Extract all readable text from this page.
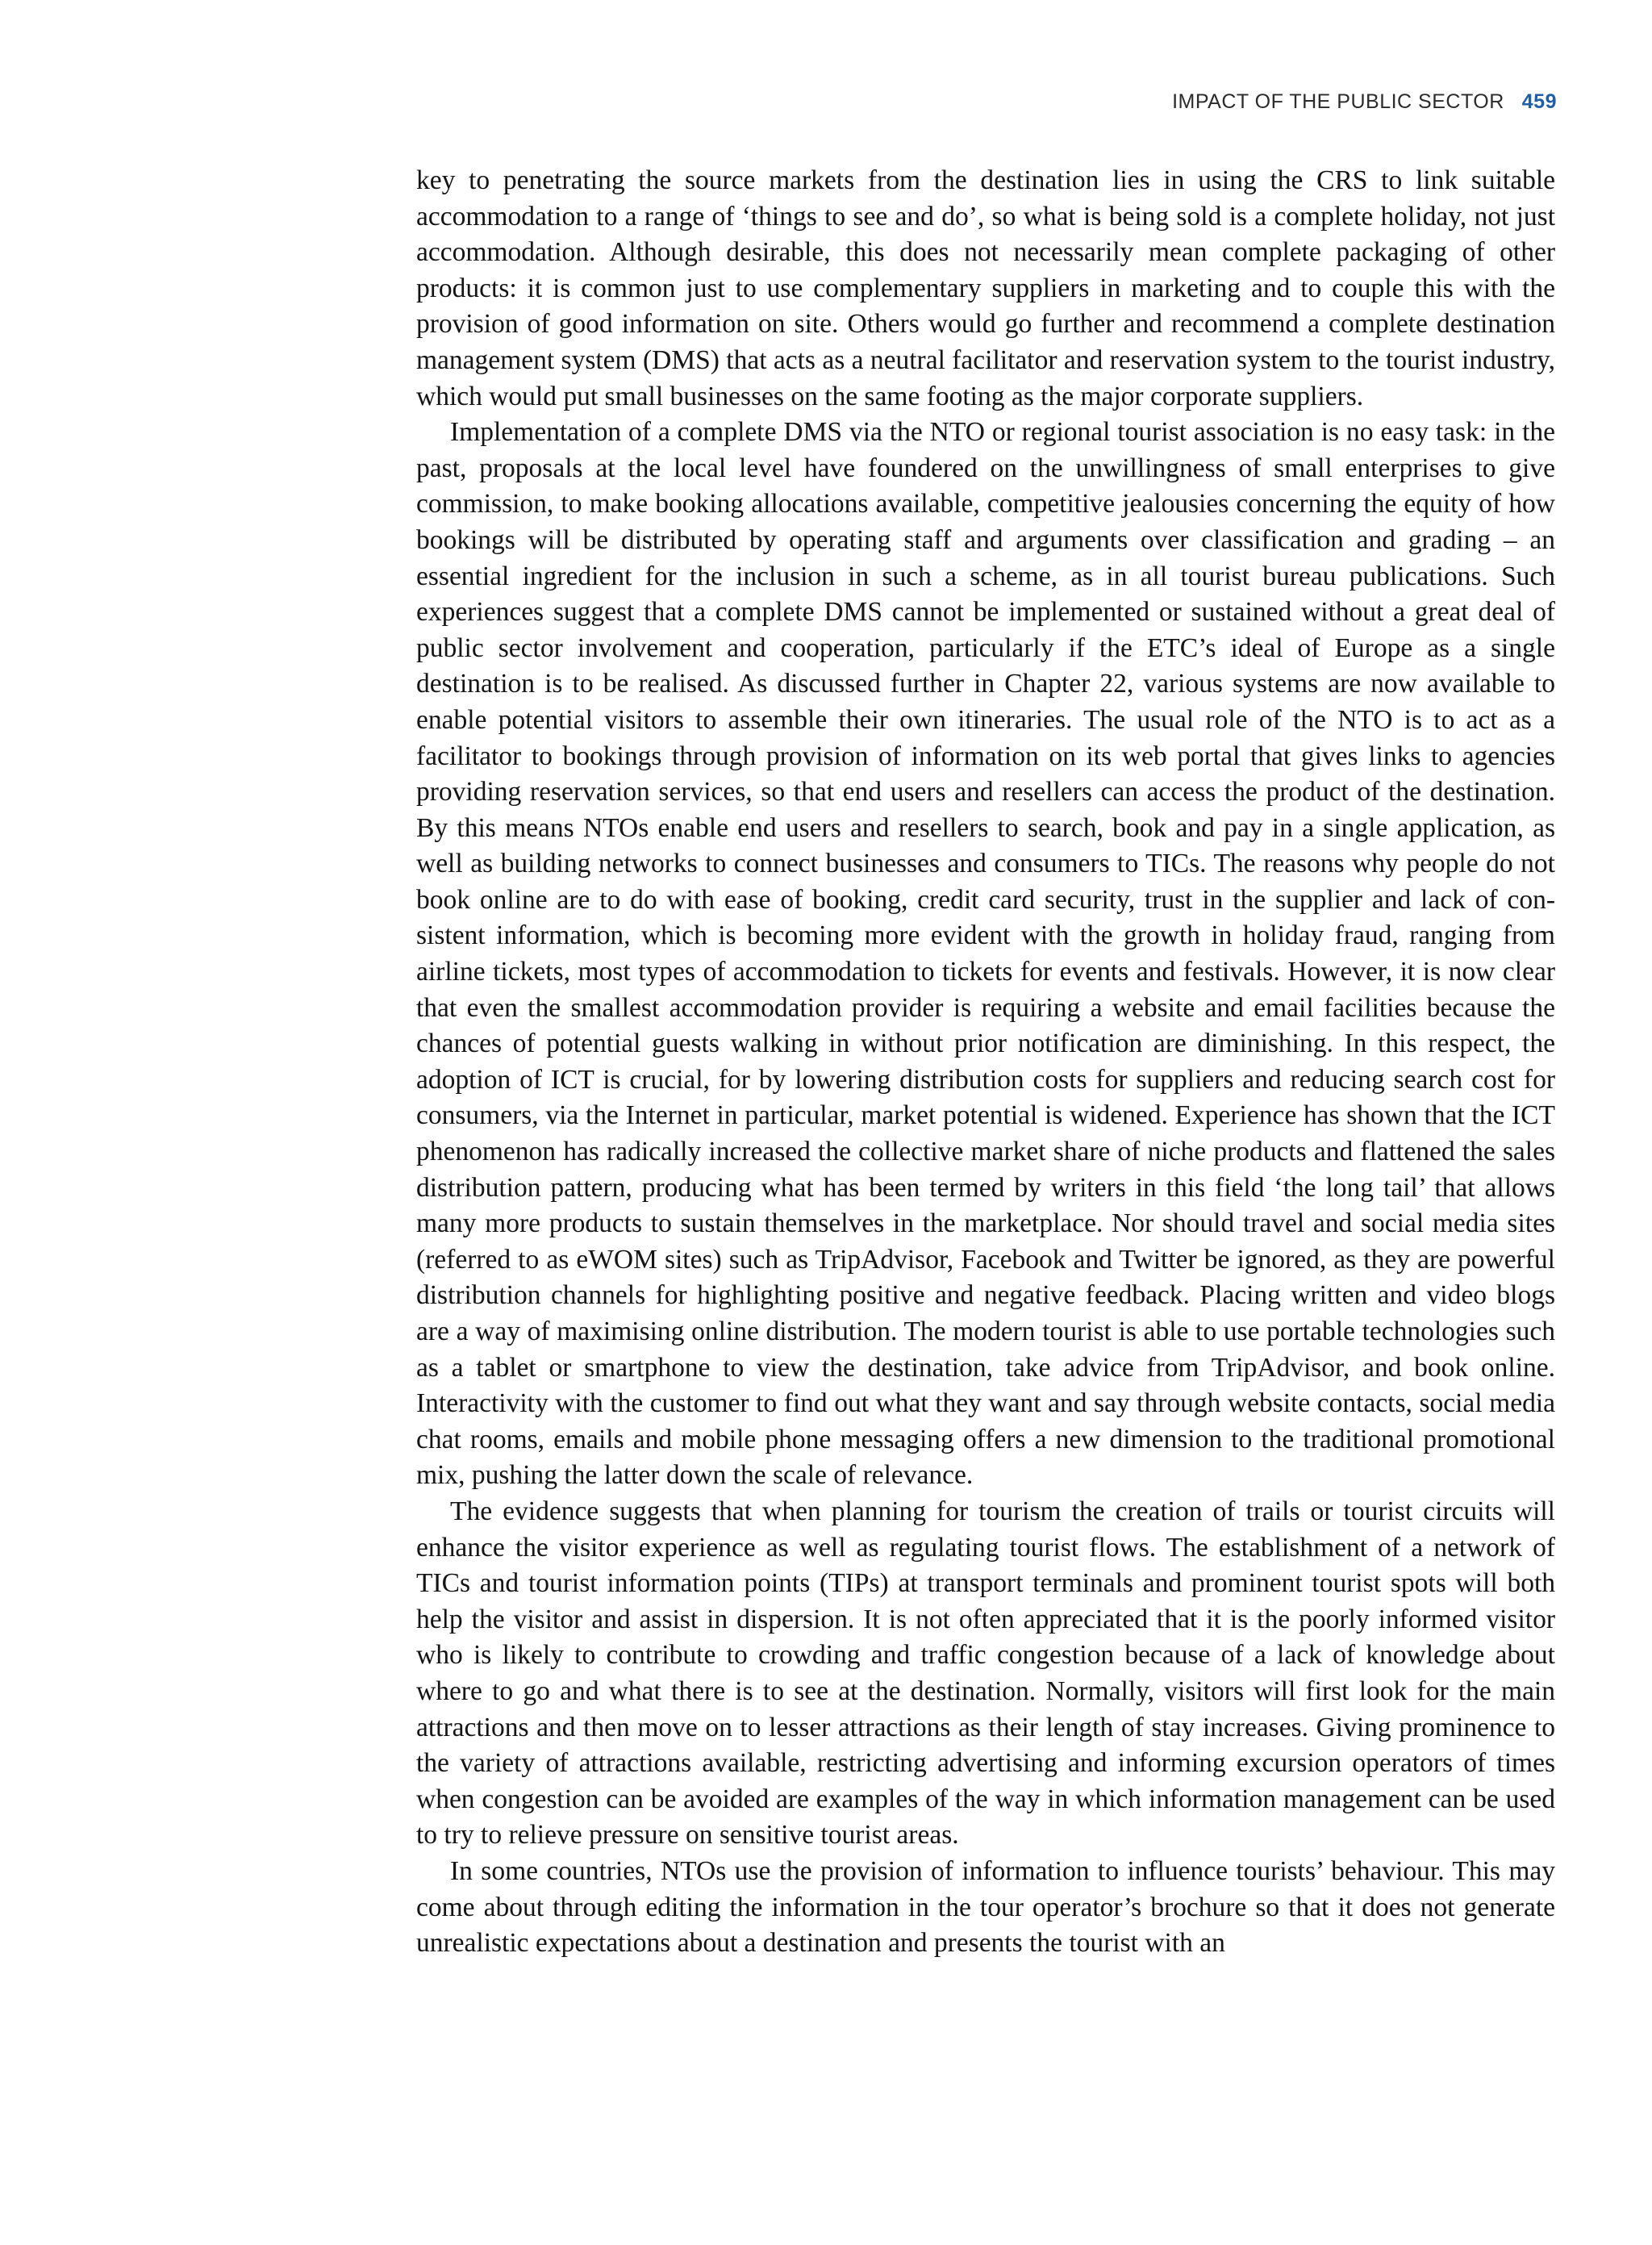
IMPACT OF THE PUBLIC SECTOR 459

key to penetrating the source markets from the destination lies in using the CRS to link suitable accommodation to a range of ‘things to see and do’, so what is being sold is a complete holiday, not just accommodation. Although desirable, this does not necessarily mean complete packaging of other products: it is common just to use complementary suppliers in marketing and to couple this with the provision of good information on site. Others would go further and recommend a complete destination management system (DMS) that acts as a neutral facilitator and reservation system to the tourist industry, which would put small businesses on the same footing as the major corporate suppliers.

Implementation of a complete DMS via the NTO or regional tourist association is no easy task: in the past, proposals at the local level have foundered on the unwillingness of small enterprises to give commission, to make booking allocations available, competitive jealousies concerning the equity of how bookings will be distributed by operating staff and arguments over classification and grading – an essential ingredient for the inclusion in such a scheme, as in all tourist bureau publications. Such experiences suggest that a complete DMS cannot be implemented or sustained without a great deal of public sector involvement and cooperation, particularly if the ETC’s ideal of Europe as a single destination is to be realised. As discussed further in Chapter 22, various systems are now available to enable potential visitors to assemble their own itineraries. The usual role of the NTO is to act as a facilitator to bookings through provision of information on its web portal that gives links to agencies providing reservation services, so that end users and resellers can access the product of the destination. By this means NTOs enable end users and resellers to search, book and pay in a single application, as well as building networks to connect businesses and consumers to TICs. The reasons why people do not book online are to do with ease of booking, credit card security, trust in the supplier and lack of consistent information, which is becoming more evident with the growth in holiday fraud, ranging from airline tickets, most types of accommodation to tickets for events and festivals. However, it is now clear that even the smallest accommodation provider is requiring a website and email facilities because the chances of potential guests walking in without prior notification are diminishing. In this respect, the adoption of ICT is crucial, for by lowering distribution costs for suppliers and reducing search cost for consumers, via the Internet in particular, market potential is widened. Experience has shown that the ICT phenomenon has radically increased the collective market share of niche products and flattened the sales distribution pattern, producing what has been termed by writers in this field ‘the long tail’ that allows many more products to sustain themselves in the marketplace. Nor should travel and social media sites (referred to as eWOM sites) such as TripAdvisor, Facebook and Twitter be ignored, as they are powerful distribution channels for highlighting positive and negative feedback. Placing written and video blogs are a way of maximising online distribution. The modern tourist is able to use portable technologies such as a tablet or smartphone to view the destination, take advice from TripAdvisor, and book online. Interactivity with the customer to find out what they want and say through website contacts, social media chat rooms, emails and mobile phone messaging offers a new dimension to the traditional promotional mix, pushing the latter down the scale of relevance.

The evidence suggests that when planning for tourism the creation of trails or tourist circuits will enhance the visitor experience as well as regulating tourist flows. The establishment of a network of TICs and tourist information points (TIPs) at transport terminals and prominent tourist spots will both help the visitor and assist in dispersion. It is not often appreciated that it is the poorly informed visitor who is likely to contribute to crowding and traffic congestion because of a lack of knowledge about where to go and what there is to see at the destination. Normally, visitors will first look for the main attractions and then move on to lesser attractions as their length of stay increases. Giving prominence to the variety of attractions available, restricting advertising and informing excursion operators of times when congestion can be avoided are examples of the way in which information management can be used to try to relieve pressure on sensitive tourist areas.

In some countries, NTOs use the provision of information to influence tourists’ behaviour. This may come about through editing the information in the tour operator’s brochure so that it does not generate unrealistic expectations about a destination and presents the tourist with an
